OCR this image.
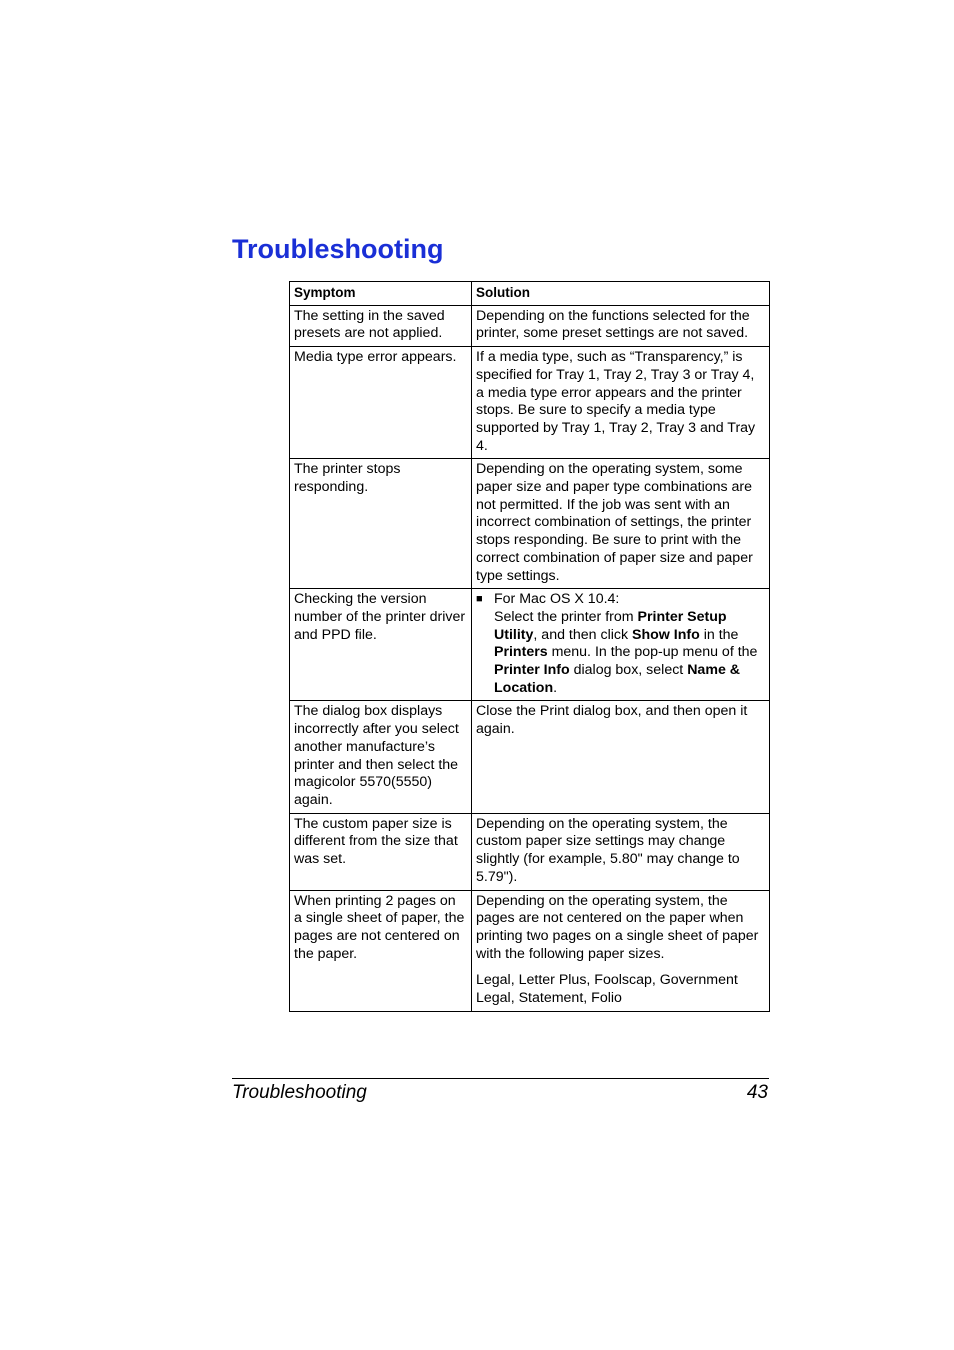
Troubleshooting
Symptom	Solution
The setting in the saved presets are not applied.	Depending on the functions selected for the printer, some preset settings are not saved.
Media type error appears.	If a media type, such as “Transparency,” is specified for Tray 1, Tray 2, Tray 3 or Tray 4, a media type error appears and the printer stops. Be sure to specify a media type supported by Tray 1, Tray 2, Tray 3 and Tray 4.
The printer stops responding.	Depending on the operating system, some paper size and paper type combinations are not permitted. If the job was sent with an incorrect combination of settings, the printer stops responding. Be sure to print with the correct combination of paper size and paper type settings.
Checking the version number of the printer driver and PPD file.	■ For Mac OS X 10.4:
Select the printer from Printer Setup Utility, and then click Show Info in the Printers menu. In the pop-up menu of the Printer Info dialog box, select Name & Location.

The dialog box displays incorrectly after you select another manufacture’s printer and then select the magicolor 5570(5550) again.	Close the Print dialog box, and then open it again.
The custom paper size is different from the size that was set.	Depending on the operating system, the custom paper size settings may change slightly (for example, 5.80" may change to 5.79").
When printing 2 pages on a single sheet of paper, the pages are not centered on the paper.	Depending on the operating system, the pages are not centered on the paper when printing two pages on a single sheet of paper with the following paper sizes.

Legal, Letter Plus, Foolscap, Government Legal, Statement, Folio

Troubleshooting	43
